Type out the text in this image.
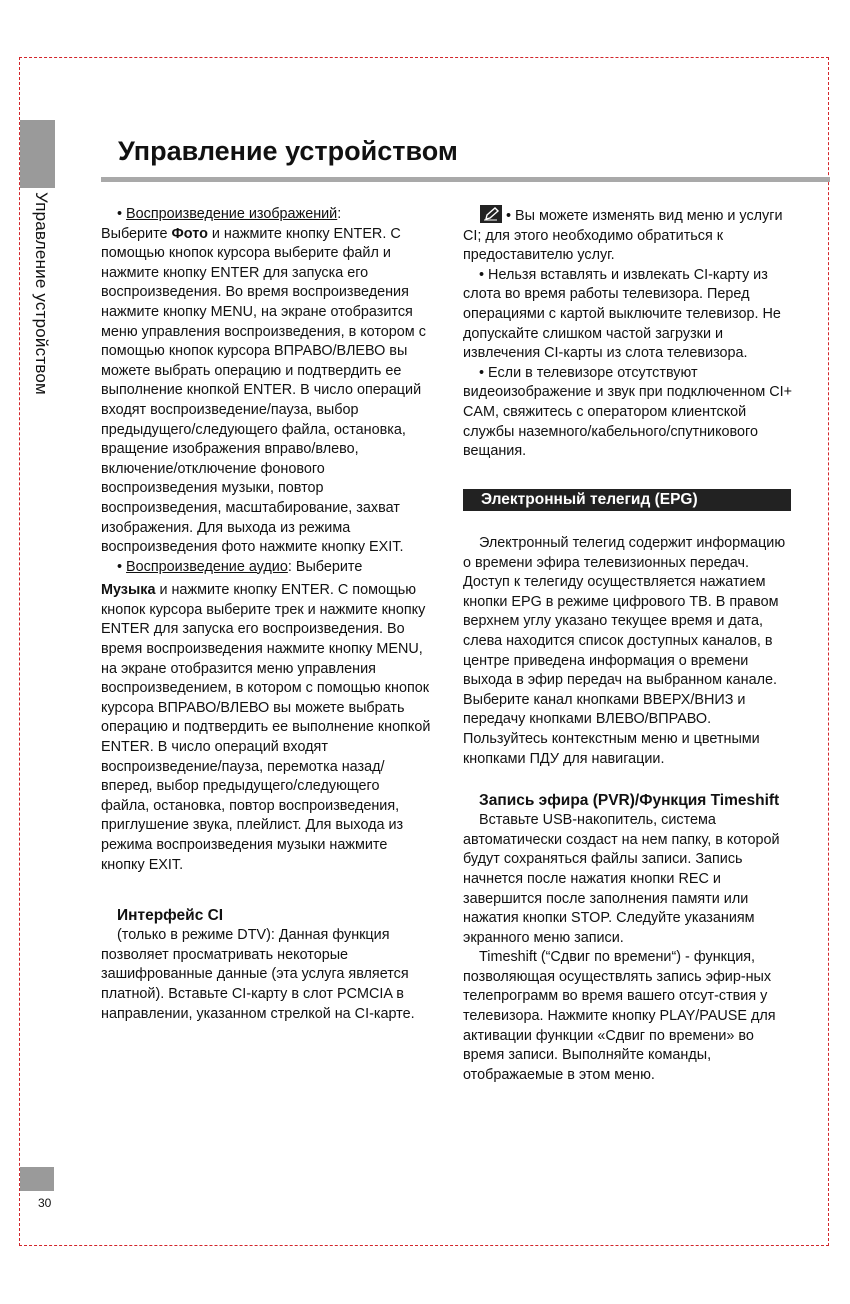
Управление устройством
Управление устройством

• Воспроизведение изображений:

Выберите Фото и нажмите кнопку ENTER. С помощью кнопок курсора выберите файл и нажмите кнопку ENTER для запуска его воспроизведения. Во время воспроизведения нажмите кнопку MENU, на экране отобразится меню управления воспроизведения, в котором с помощью кнопок курсора ВПРАВО/ВЛЕВО вы можете выбрать операцию и подтвердить ее выполнение кнопкой ENTER. В число операций входят воспроизведение/пауза, выбор предыдущего/следующего файла, остановка, вращение изображения вправо/влево, включение/отключение фонового воспроизведения музыки, повтор воспроизведения, масштабирование, захват изображения. Для выхода из режима воспроизведения фото нажмите кнопку EXIT.

• Воспроизведение аудио: Выберите

Музыка и нажмите кнопку ENTER. С помощью кнопок курсора выберите трек и нажмите кнопку ENTER для запуска его воспроизведения. Во время воспроизведения нажмите кнопку MENU, на экране отобразится меню управления воспроизведением, в котором с помощью кнопок курсора ВПРАВО/ВЛЕВО вы можете выбрать операцию и подтвердить ее выполнение кнопкой ENTER. В число операций входят воспроизведение/пауза, перемотка назад/вперед, выбор предыдущего/следующего файла, остановка, повтор воспроизведения, приглушение звука, плейлист. Для выхода из режима воспроизведения музыки нажмите кнопку EXIT.

Интерфейс CI

(только в режиме DTV): Данная функция позволяет просматривать некоторые зашифрованные данные (эта услуга является платной). Вставьте CI-карту в слот PCMCIA в направлении, указанном стрелкой на CI-карте.

• Вы можете изменять вид меню и услуги CI; для этого необходимо обратиться к предоставителю услуг.

• Нельзя вставлять и извлекать CI-карту из слота во время работы телевизора. Перед операциями с картой выключите телевизор. Не допускайте слишком частой загрузки и извлечения CI-карты из слота телевизора.

• Если в телевизоре отсутствуют видеоизображение и звук при подключенном CI+ CAM, свяжитесь с оператором клиентской службы наземного/кабельного/спутникового вещания.

Электронный телегид (EPG)

Электронный телегид содержит информацию о времени эфира телевизионных передач. Доступ к телегиду осуществляется нажатием кнопки EPG в режиме цифрового ТВ. В правом верхнем углу указано текущее время и дата, слева находится список доступных каналов, в центре приведена информация о времени выхода в эфир передач на выбранном канале. Выберите канал кнопками ВВЕРХ/ВНИЗ и передачу кнопками ВЛЕВО/ВПРАВО. Пользуйтесь контекстным меню и цветными кнопками ПДУ для навигации.

Запись эфира (PVR)/Функция Timeshift

Вставьте USB-накопитель, система автоматически создаст на нем папку, в которой будут сохраняться файлы записи. Запись начнется после нажатия кнопки REC и завершится после заполнения памяти или нажатия кнопки STOP. Следуйте указаниям экранного меню записи.

Timeshift (“Сдвиг по времени“) - функция, позволяющая осуществлять запись эфир-ных телепрограмм во время вашего отсут-ствия у телевизора. Нажмите кнопку PLAY/PAUSE для активации функции «Сдвиг по времени» во время записи. Выполняйте команды, отображаемые в этом меню.

30
